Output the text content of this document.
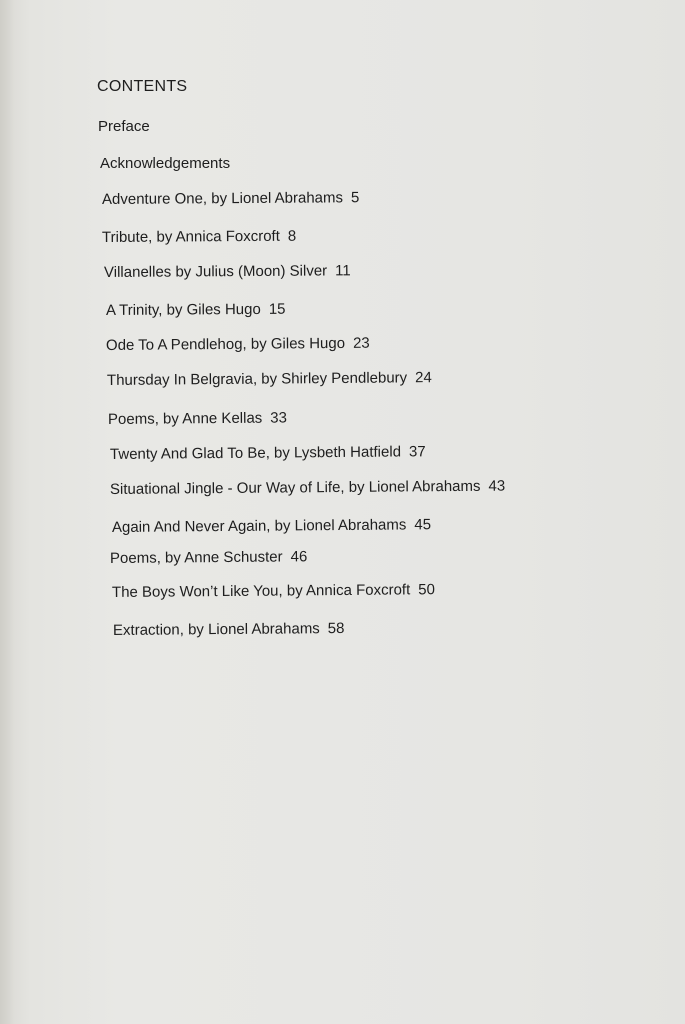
CONTENTS
Preface
Acknowledgements
Adventure One, by Lionel Abrahams 5
Tribute, by Annica Foxcroft 8
Villanelles by Julius (Moon) Silver 11
A Trinity, by Giles Hugo 15
Ode To A Pendlehog, by Giles Hugo 23
Thursday In Belgravia, by Shirley Pendlebury 24
Poems, by Anne Kellas 33
Twenty And Glad To Be, by Lysbeth Hatfield 37
Situational Jingle - Our Way of Life, by Lionel Abrahams 43
Again And Never Again, by Lionel Abrahams 45
Poems, by Anne Schuster 46
The Boys Won’t Like You, by Annica Foxcroft 50
Extraction, by Lionel Abrahams 58
